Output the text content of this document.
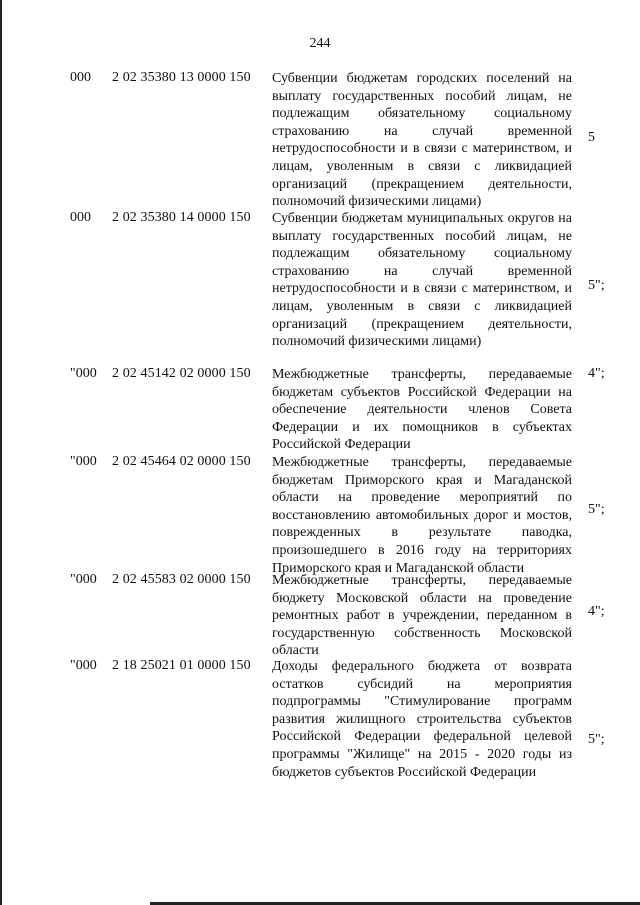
244
000 2 02 35380 13 0000 150 Субвенции бюджетам городских поселений на выплату государственных пособий лицам, не подлежащим обязательному социальному страхованию на случай временной нетрудоспособности и в связи с материнством, и лицам, уволенным в связи с ликвидацией организаций (прекращением деятельности, полномочий физическими лицами)
5
000 2 02 35380 14 0000 150 Субвенции бюджетам муниципальных округов на выплату государственных пособий лицам, не подлежащим обязательному социальному страхованию на случай временной нетрудоспособности и в связи с материнством, и лицам, уволенным в связи с ликвидацией организаций (прекращением деятельности, полномочий физическими лицами)
5";
"000 2 02 45142 02 0000 150 Межбюджетные трансферты, передаваемые бюджетам субъектов Российской Федерации на обеспечение деятельности членов Совета Федерации и их помощников в субъектах Российской Федерации
4";
"000 2 02 45464 02 0000 150 Межбюджетные трансферты, передаваемые бюджетам Приморского края и Магаданской области на проведение мероприятий по восстановлению автомобильных дорог и мостов, поврежденных в результате паводка, произошедшего в 2016 году на территориях Приморского края и Магаданской области
5";
"000 2 02 45583 02 0000 150 Межбюджетные трансферты, передаваемые бюджету Московской области на проведение ремонтных работ в учреждении, переданном в государственную собственность Московской области
4";
"000 2 18 25021 01 0000 150 Доходы федерального бюджета от возврата остатков субсидий на мероприятия подпрограммы "Стимулирование программ развития жилищного строительства субъектов Российской Федерации федеральной целевой программы "Жилище" на 2015 - 2020 годы из бюджетов субъектов Российской Федерации
5";
